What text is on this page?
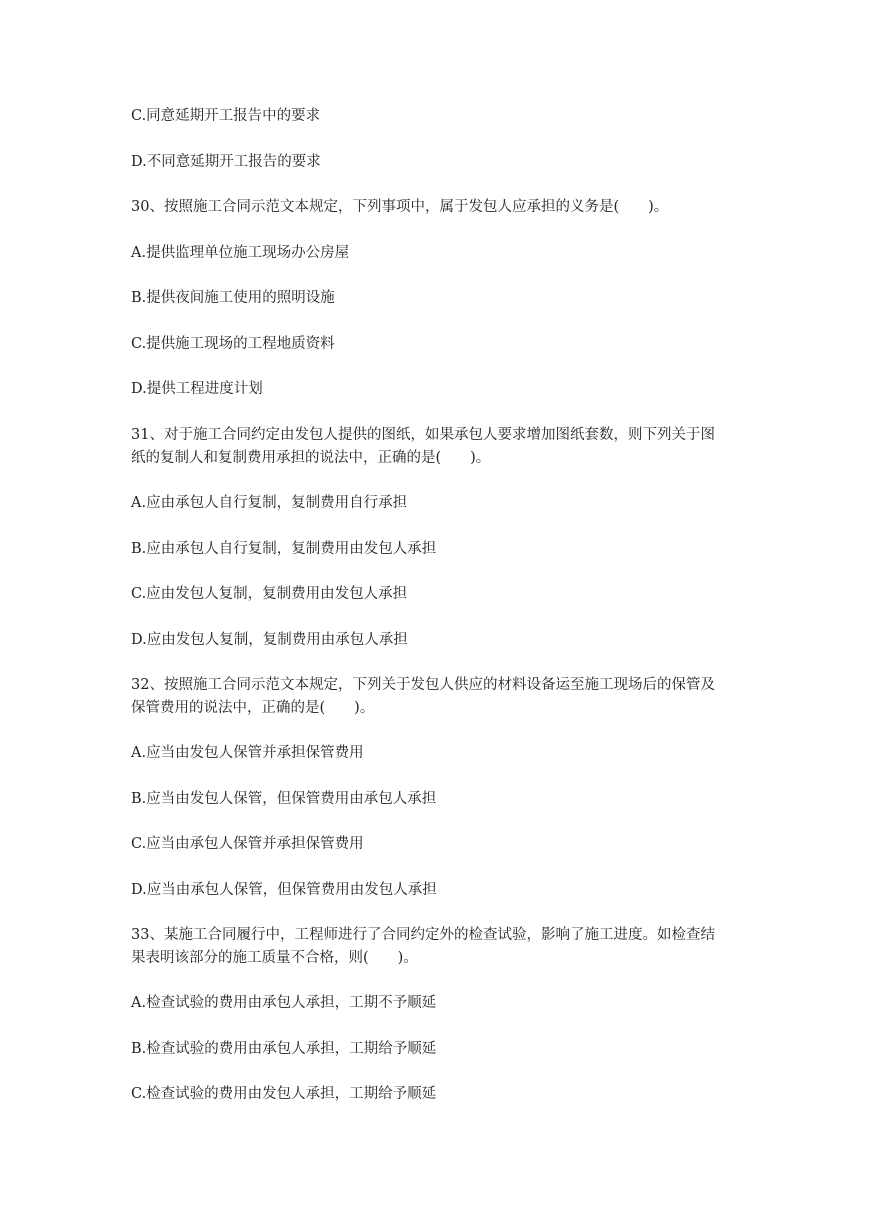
C.同意延期开工报告中的要求

D.不同意延期开工报告的要求

30、按照施工合同示范文本规定，下列事项中，属于发包人应承担的义务是(　　)。

A.提供监理单位施工现场办公房屋

B.提供夜间施工使用的照明设施

C.提供施工现场的工程地质资料

D.提供工程进度计划

31、对于施工合同约定由发包人提供的图纸，如果承包人要求增加图纸套数，则下列关于图

纸的复制人和复制费用承担的说法中，正确的是(　　)。

A.应由承包人自行复制，复制费用自行承担

B.应由承包人自行复制，复制费用由发包人承担

C.应由发包人复制，复制费用由发包人承担

D.应由发包人复制，复制费用由承包人承担

32、按照施工合同示范文本规定，下列关于发包人供应的材料设备运至施工现场后的保管及

保管费用的说法中，正确的是(　　)。

A.应当由发包人保管并承担保管费用

B.应当由发包人保管，但保管费用由承包人承担

C.应当由承包人保管并承担保管费用

D.应当由承包人保管，但保管费用由发包人承担

33、某施工合同履行中，工程师进行了合同约定外的检查试验，影响了施工进度。如检查结

果表明该部分的施工质量不合格，则(　　)。

A.检查试验的费用由承包人承担，工期不予顺延

B.检查试验的费用由承包人承担，工期给予顺延

C.检查试验的费用由发包人承担，工期给予顺延
